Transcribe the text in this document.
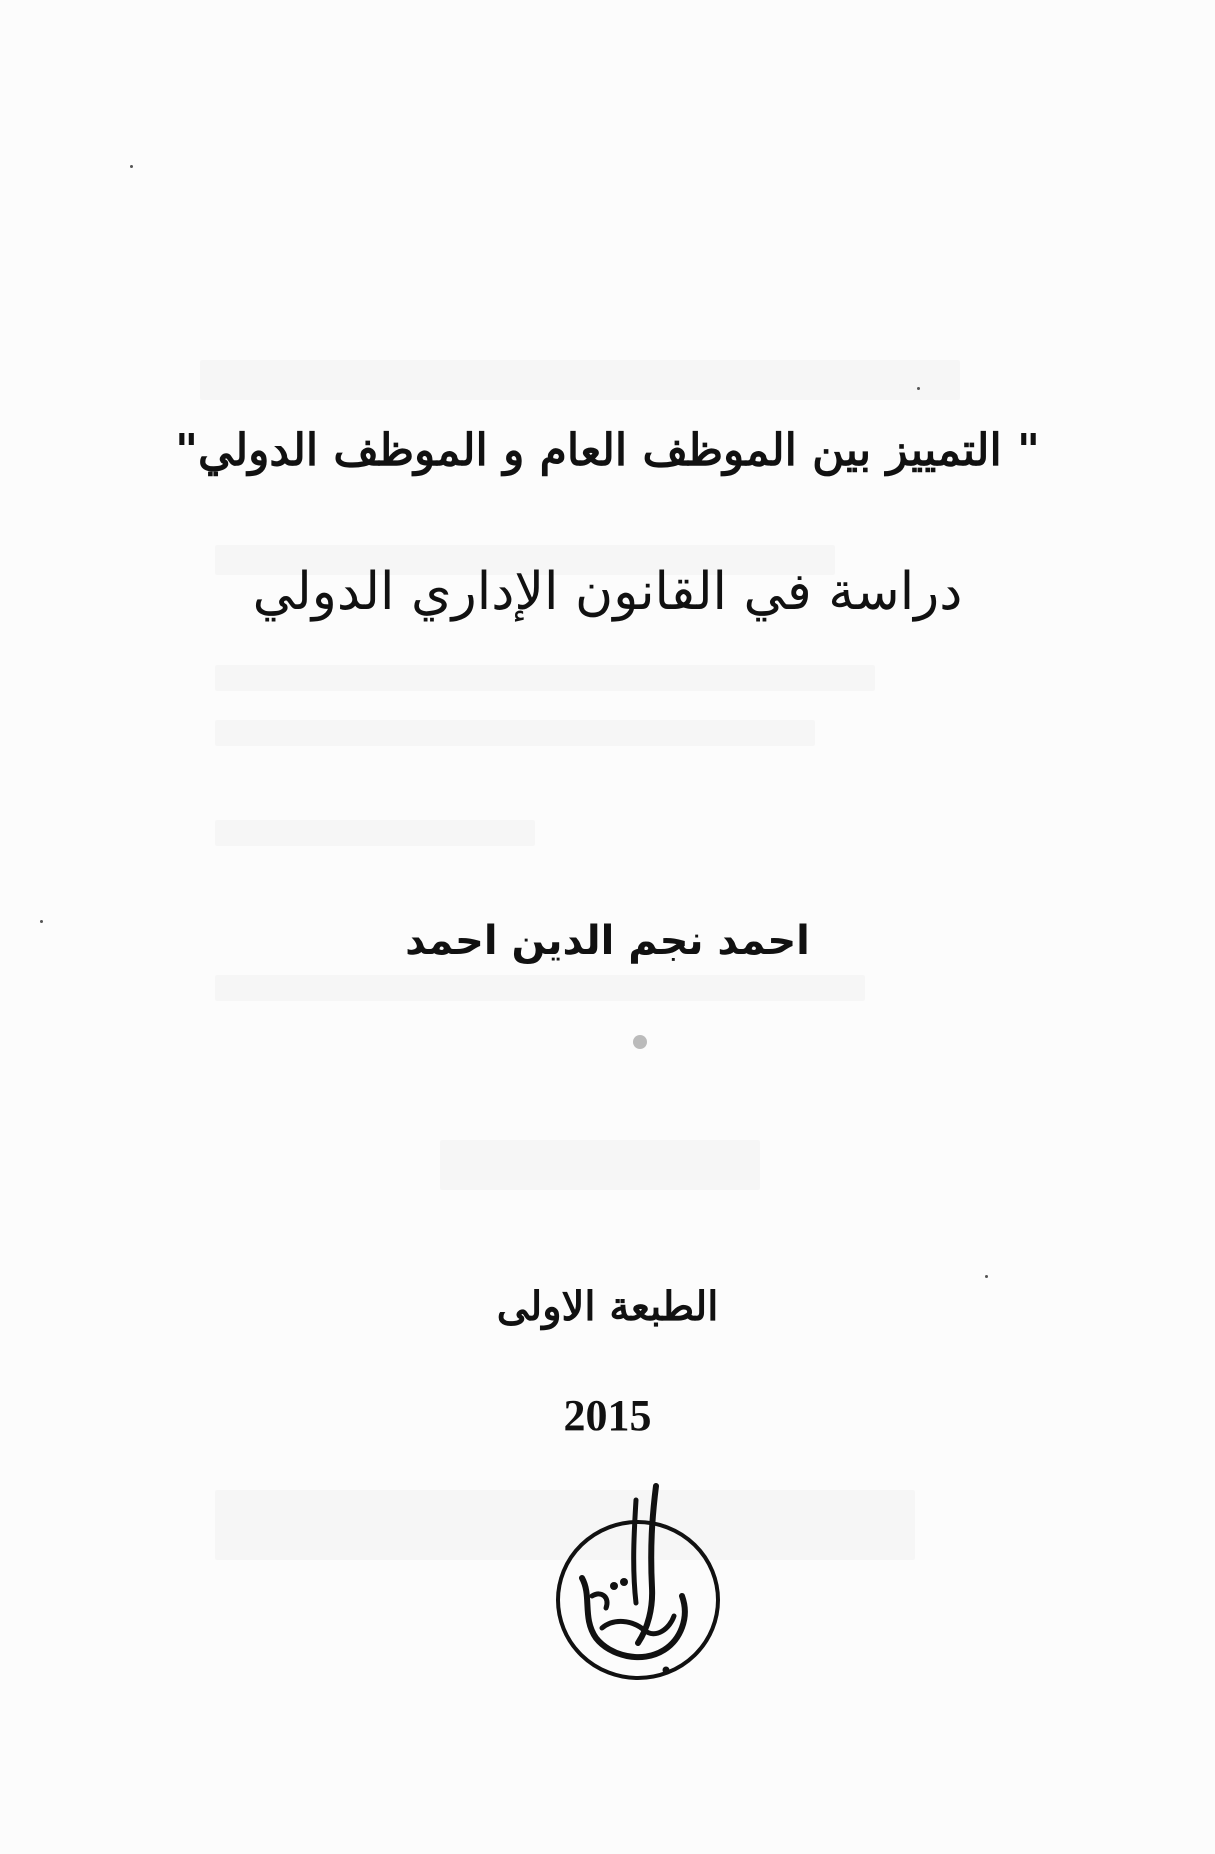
" التمييز بين الموظف العام و الموظف الدولي"
دراسة في القانون الإداري الدولي
احمد نجم الدين احمد
الطبعة الاولى
2015
